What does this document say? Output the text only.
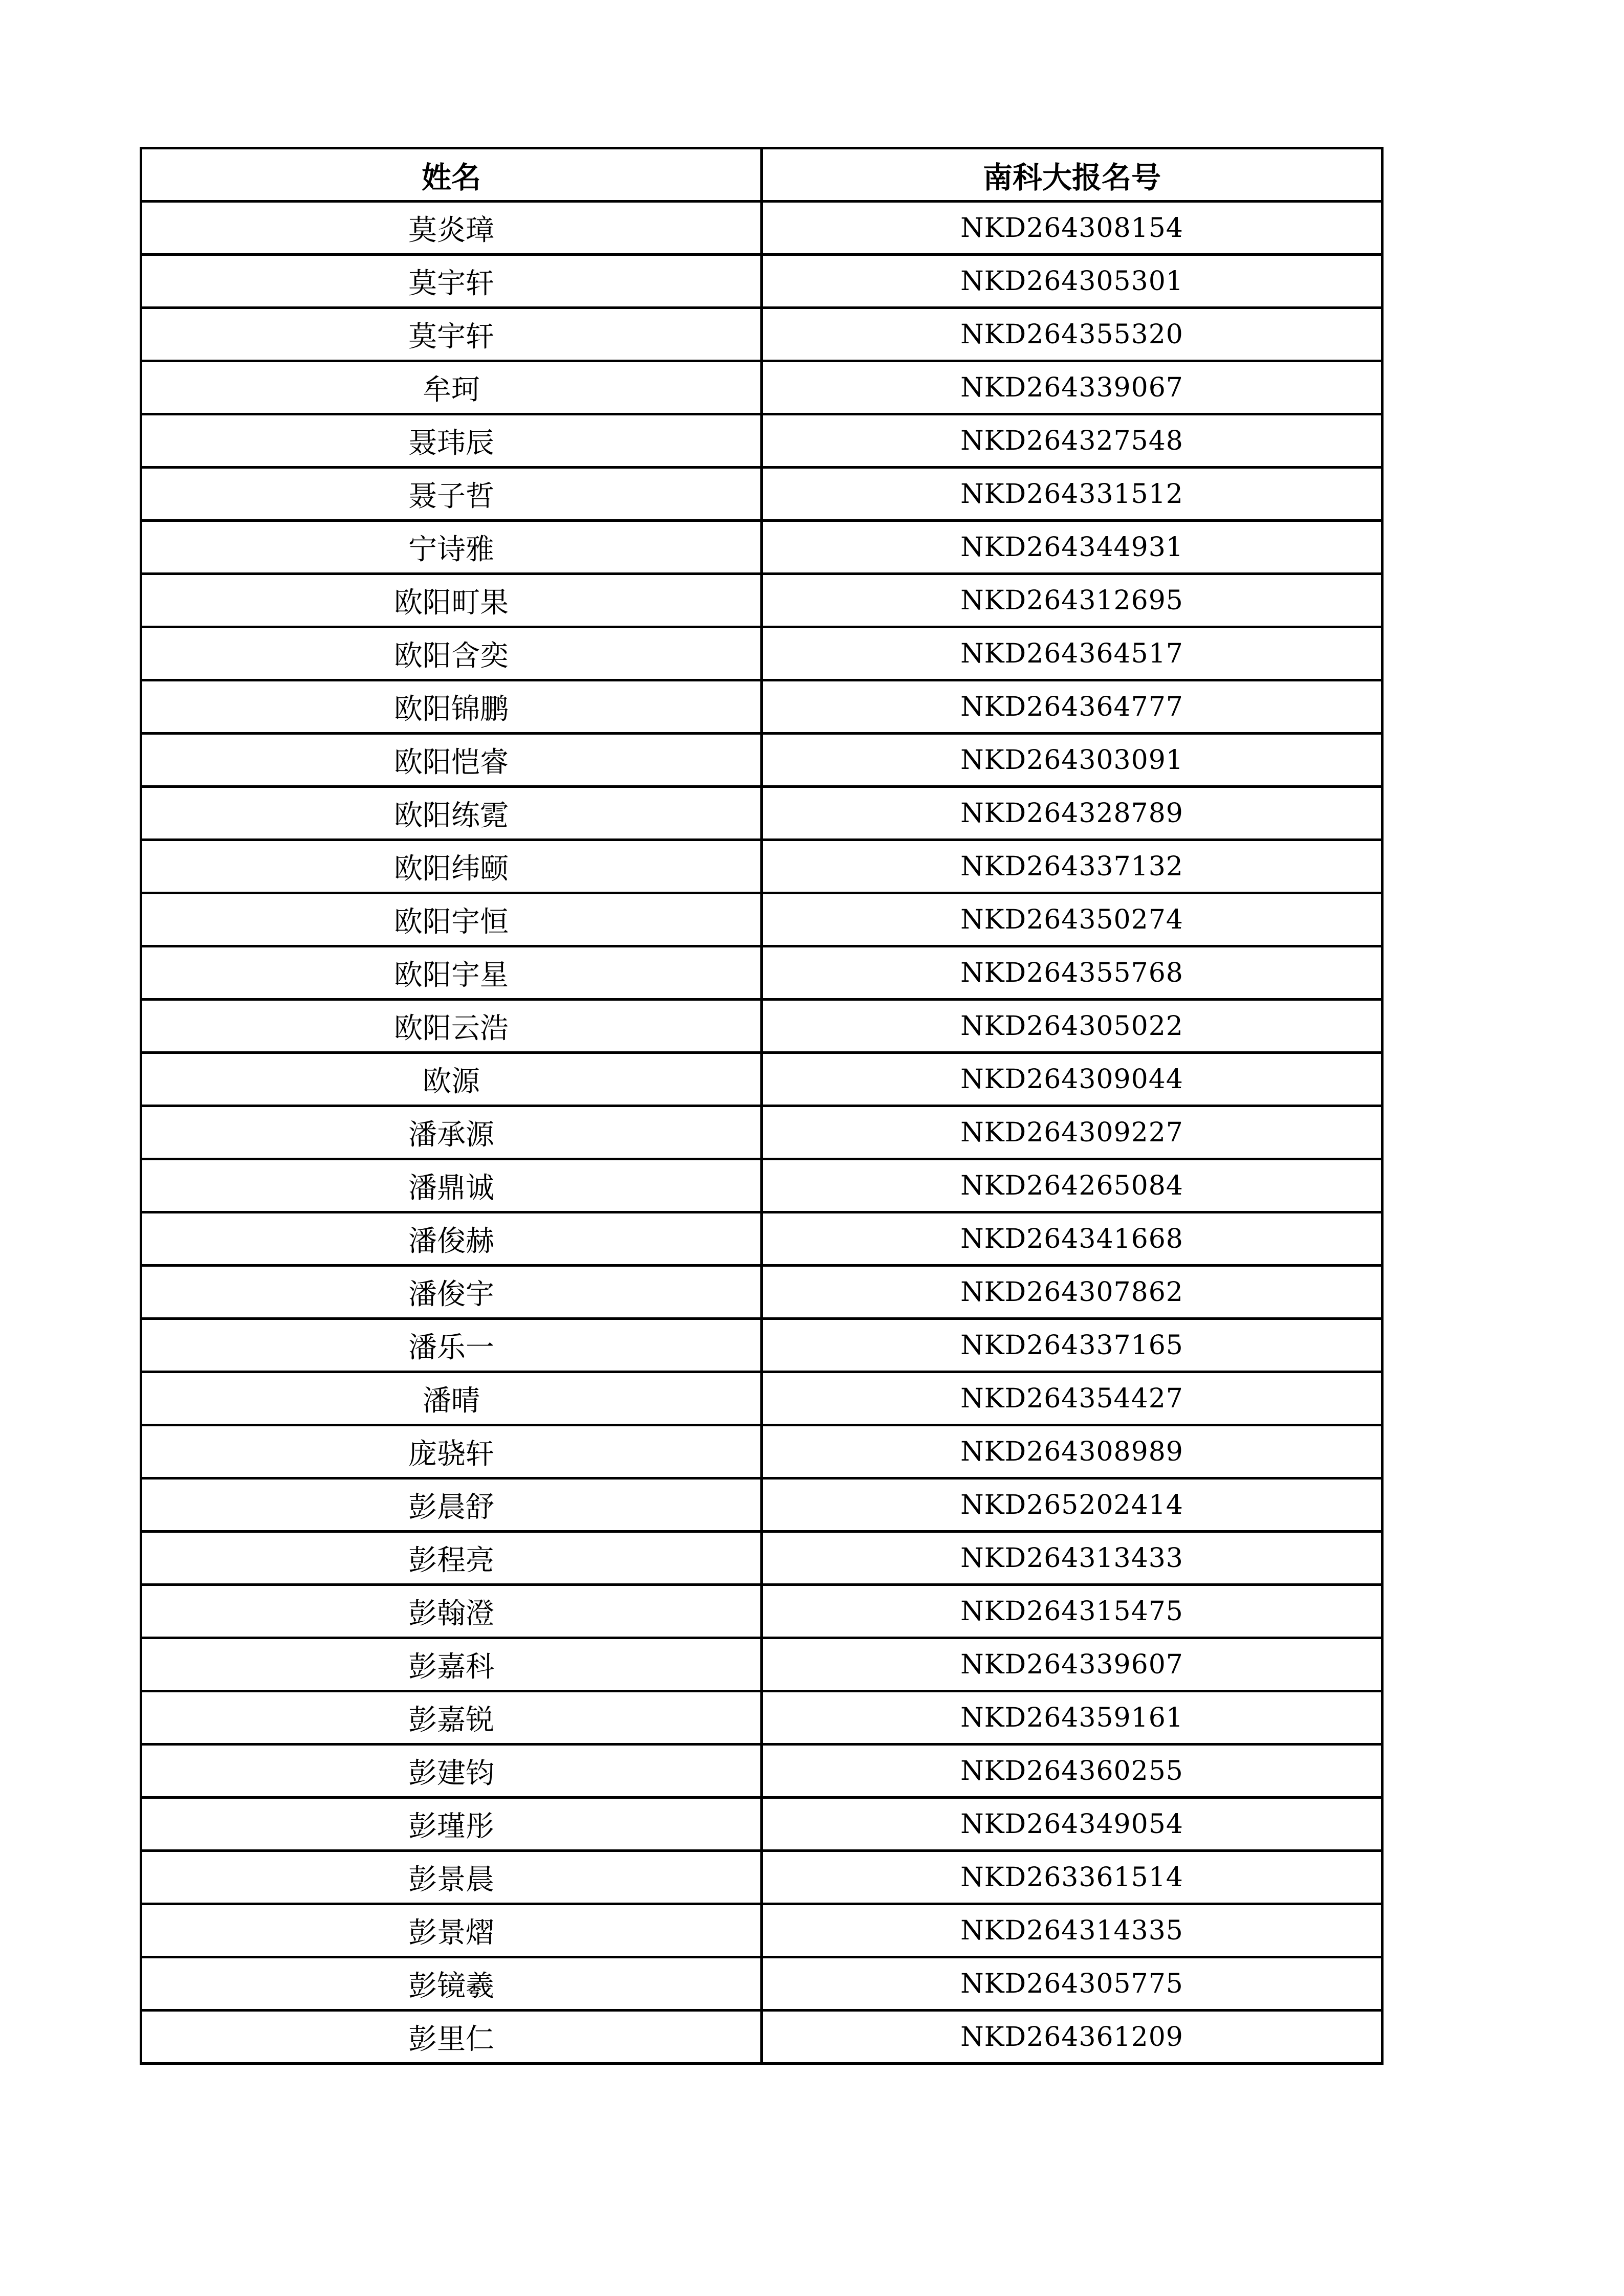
姓名	南科大报名号
莫炎璋	NKD264308154
莫宇轩	NKD264305301
莫宇轩	NKD264355320
牟珂	NKD264339067
聂玮辰	NKD264327548
聂子哲	NKD264331512
宁诗雅	NKD264344931
欧阳町果	NKD264312695
欧阳含奕	NKD264364517
欧阳锦鹏	NKD264364777
欧阳恺睿	NKD264303091
欧阳练霓	NKD264328789
欧阳纬颐	NKD264337132
欧阳宇恒	NKD264350274
欧阳宇星	NKD264355768
欧阳云浩	NKD264305022
欧源	NKD264309044
潘承源	NKD264309227
潘鼎诚	NKD264265084
潘俊赫	NKD264341668
潘俊宇	NKD264307862
潘乐一	NKD264337165
潘晴	NKD264354427
庞骁轩	NKD264308989
彭晨舒	NKD265202414
彭程亮	NKD264313433
彭翰澄	NKD264315475
彭嘉科	NKD264339607
彭嘉锐	NKD264359161
彭建钧	NKD264360255
彭瑾彤	NKD264349054
彭景晨	NKD263361514
彭景熠	NKD264314335
彭镜羲	NKD264305775
彭里仁	NKD264361209
